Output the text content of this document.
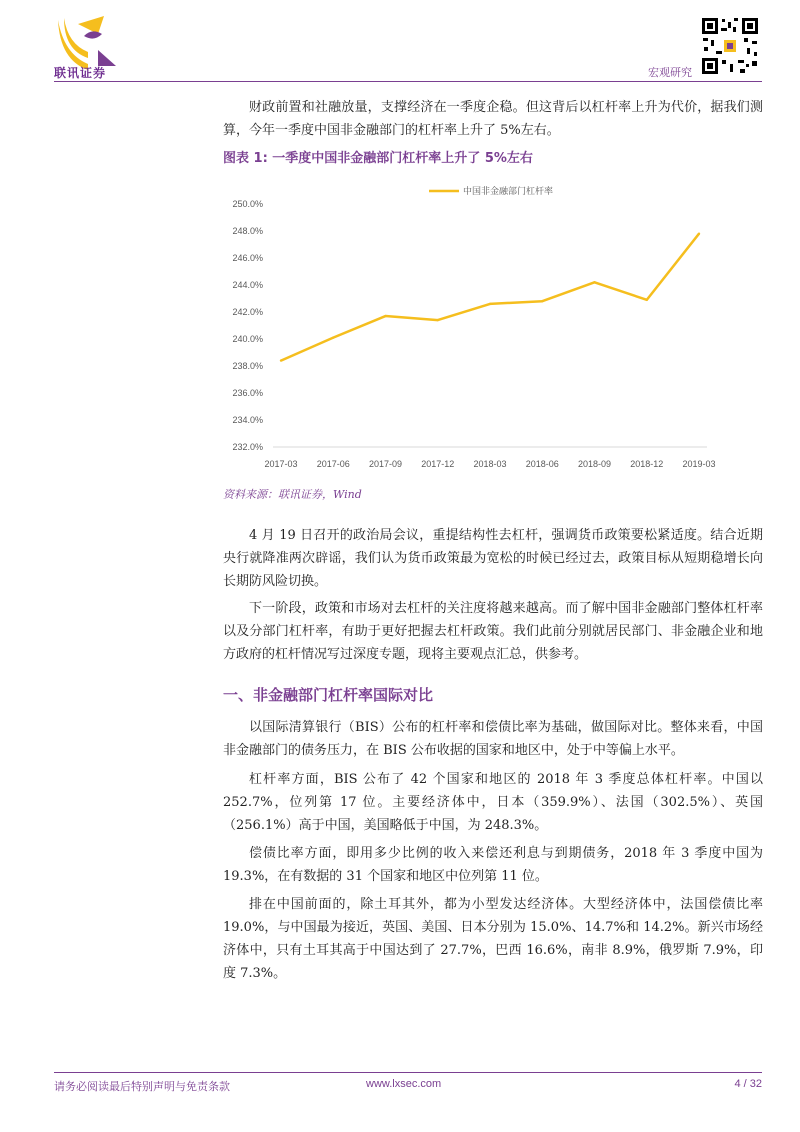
联讯证券	宏观研究

财政前置和社融放量，支撑经济在一季度企稳。但这背后以杠杆率上升为代价，据我们测算，今年一季度中国非金融部门的杠杆率上升了 5%左右。

图表 1: 一季度中国非金融部门杠杆率上升了 5%左右
中国非金融部门杠杆率
232.0%
234.0%
236.0%
238.0%
240.0%
242.0%
244.0%
246.0%
248.0%
250.0%
2017-03 2017-06 2017-09 2017-12 2018-03 2018-06 2018-09 2018-12 2019-03
资料来源：联讯证券，Wind

4 月 19 日召开的政治局会议，重提结构性去杠杆，强调货币政策要松紧适度。结合近期央行就降准两次辟谣，我们认为货币政策最为宽松的时候已经过去，政策目标从短期稳增长向长期防风险切换。

下一阶段，政策和市场对去杠杆的关注度将越来越高。而了解中国非金融部门整体杠杆率以及分部门杠杆率，有助于更好把握去杠杆政策。我们此前分别就居民部门、非金融企业和地方政府的杠杆情况写过深度专题，现将主要观点汇总，供参考。

一、非金融部门杠杆率国际对比

以国际清算银行（BIS）公布的杠杆率和偿债比率为基础，做国际对比。整体来看，中国非金融部门的债务压力，在 BIS 公布收据的国家和地区中，处于中等偏上水平。

杠杆率方面，BIS 公布了 42 个国家和地区的 2018 年 3 季度总体杠杆率。中国以 252.7%，位列第 17 位。主要经济体中，日本（359.9%）、法国（302.5%）、英国（256.1%）高于中国，美国略低于中国，为 248.3%。

偿债比率方面，即用多少比例的收入来偿还利息与到期债务，2018 年 3 季度中国为 19.3%，在有数据的 31 个国家和地区中位列第 11 位。

排在中国前面的，除土耳其外，都为小型发达经济体。大型经济体中，法国偿债比率 19.0%，与中国最为接近，英国、美国、日本分别为 15.0%、14.7%和 14.2%。新兴市场经济体中，只有土耳其高于中国达到了 27.7%，巴西 16.6%，南非 8.9%，俄罗斯 7.9%，印度 7.3%。

请务必阅读最后特别声明与免责条款	www.lxsec.com	4 / 32
